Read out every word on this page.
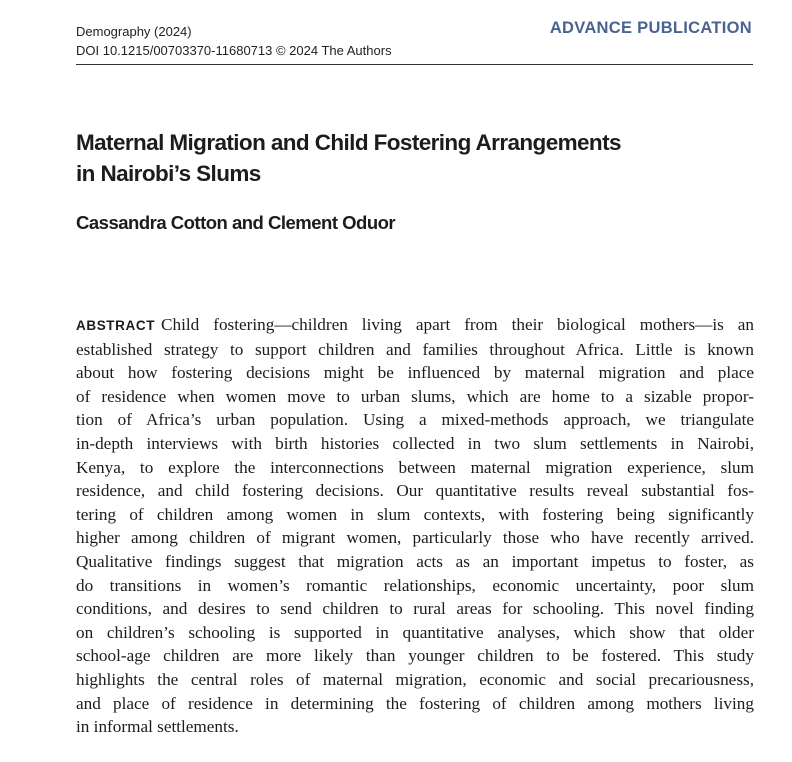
Demography (2024)
DOI 10.1215/00703370-11680713 © 2024 The Authors
ADVANCE PUBLICATION
Maternal Migration and Child Fostering Arrangements
in Nairobi’s Slums
Cassandra Cotton and Clement Oduor
ABSTRACT Child fostering—children living apart from their biological mothers—is an
established strategy to support children and families throughout Africa. Little is known
about how fostering decisions might be influenced by maternal migration and place
of residence when women move to urban slums, which are home to a sizable propor-
tion of Africa’s urban population. Using a mixed-methods approach, we triangulate
in-depth interviews with birth histories collected in two slum settlements in Nairobi,
Kenya, to explore the interconnections between maternal migration experience, slum
residence, and child fostering decisions. Our quantitative results reveal substantial fos-
tering of children among women in slum contexts, with fostering being significantly
higher among children of migrant women, particularly those who have recently arrived.
Qualitative findings suggest that migration acts as an important impetus to foster, as
do transitions in women’s romantic relationships, economic uncertainty, poor slum
conditions, and desires to send children to rural areas for schooling. This novel finding
on children’s schooling is supported in quantitative analyses, which show that older
school-age children are more likely than younger children to be fostered. This study
highlights the central roles of maternal migration, economic and social precariousness,
and place of residence in determining the fostering of children among mothers living
in informal settlements.
